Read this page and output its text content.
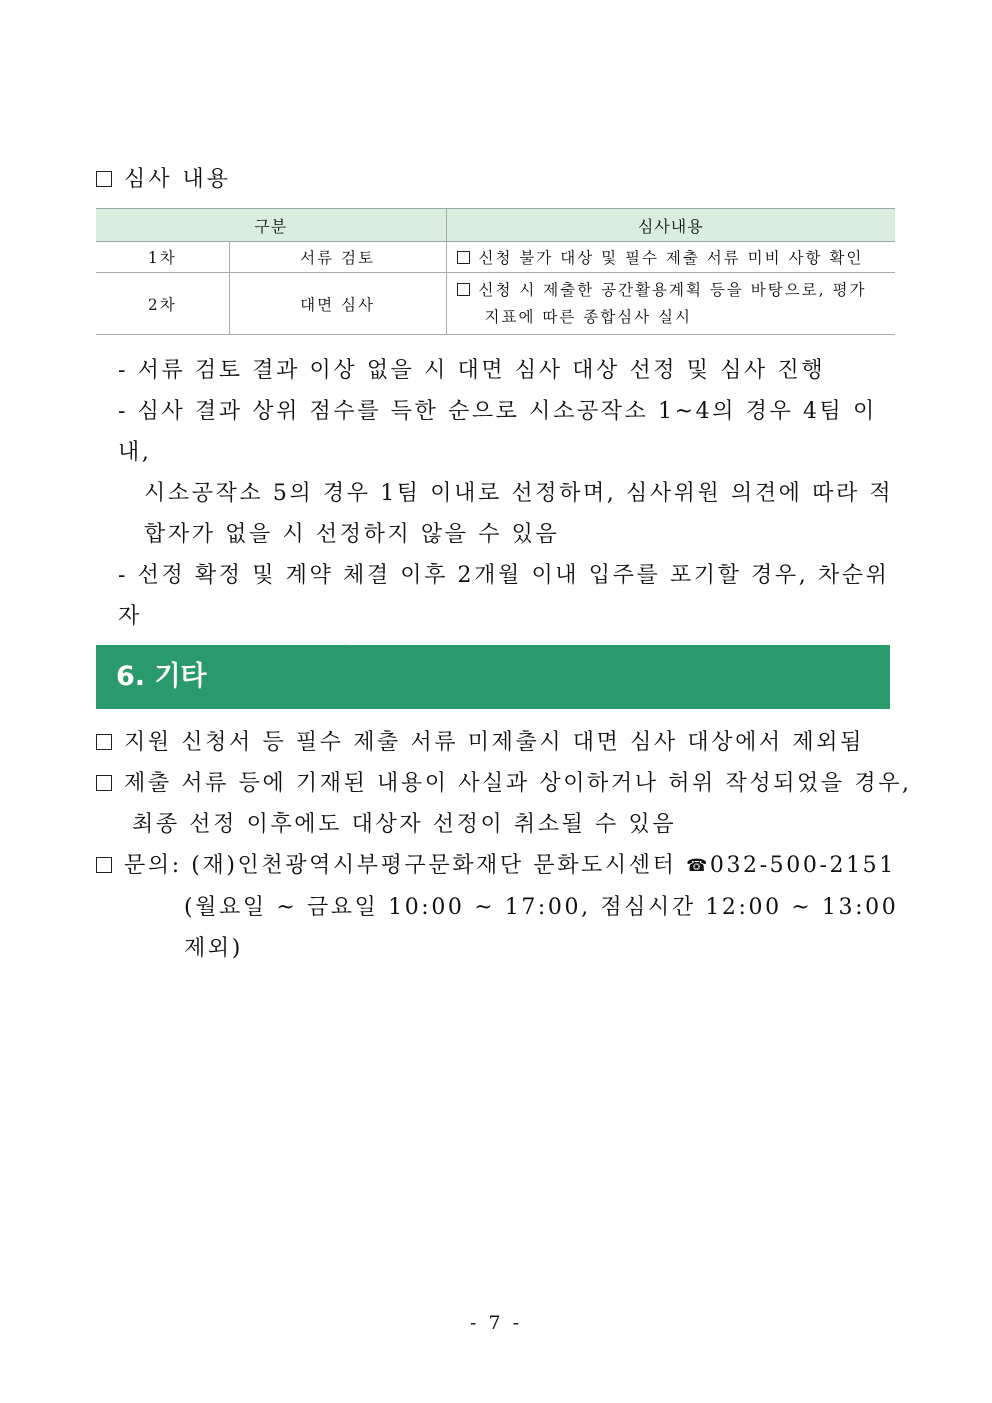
심사 내용
구분		심사내용
1차	서류 검토	신청 불가 대상 및 필수 제출 서류 미비 사항 확인
2차	대면 심사	신청 시 제출한 공간활용계획 등을 바탕으로, 평가
지표에 따른 종합심사 실시
- 서류 검토 결과 이상 없을 시 대면 심사 대상 선정 및 심사 진행
- 심사 결과 상위 점수를 득한 순으로 시소공작소 1~4의 경우 4팀 이내,
시소공작소 5의 경우 1팀 이내로 선정하며, 심사위원 의견에 따라 적
합자가 없을 시 선정하지 않을 수 있음
- 선정 확정 및 계약 체결 이후 2개월 이내 입주를 포기할 경우, 차순위자
6. 기타
지원 신청서 등 필수 제출 서류 미제출시 대면 심사 대상에서 제외됨
제출 서류 등에 기재된 내용이 사실과 상이하거나 허위 작성되었을 경우,
최종 선정 이후에도 대상자 선정이 취소될 수 있음
문의: (재)인천광역시부평구문화재단 문화도시센터 ☎032-500-2151
(월요일 ~ 금요일 10:00 ~ 17:00, 점심시간 12:00 ~ 13:00 제외)
- 7 -
